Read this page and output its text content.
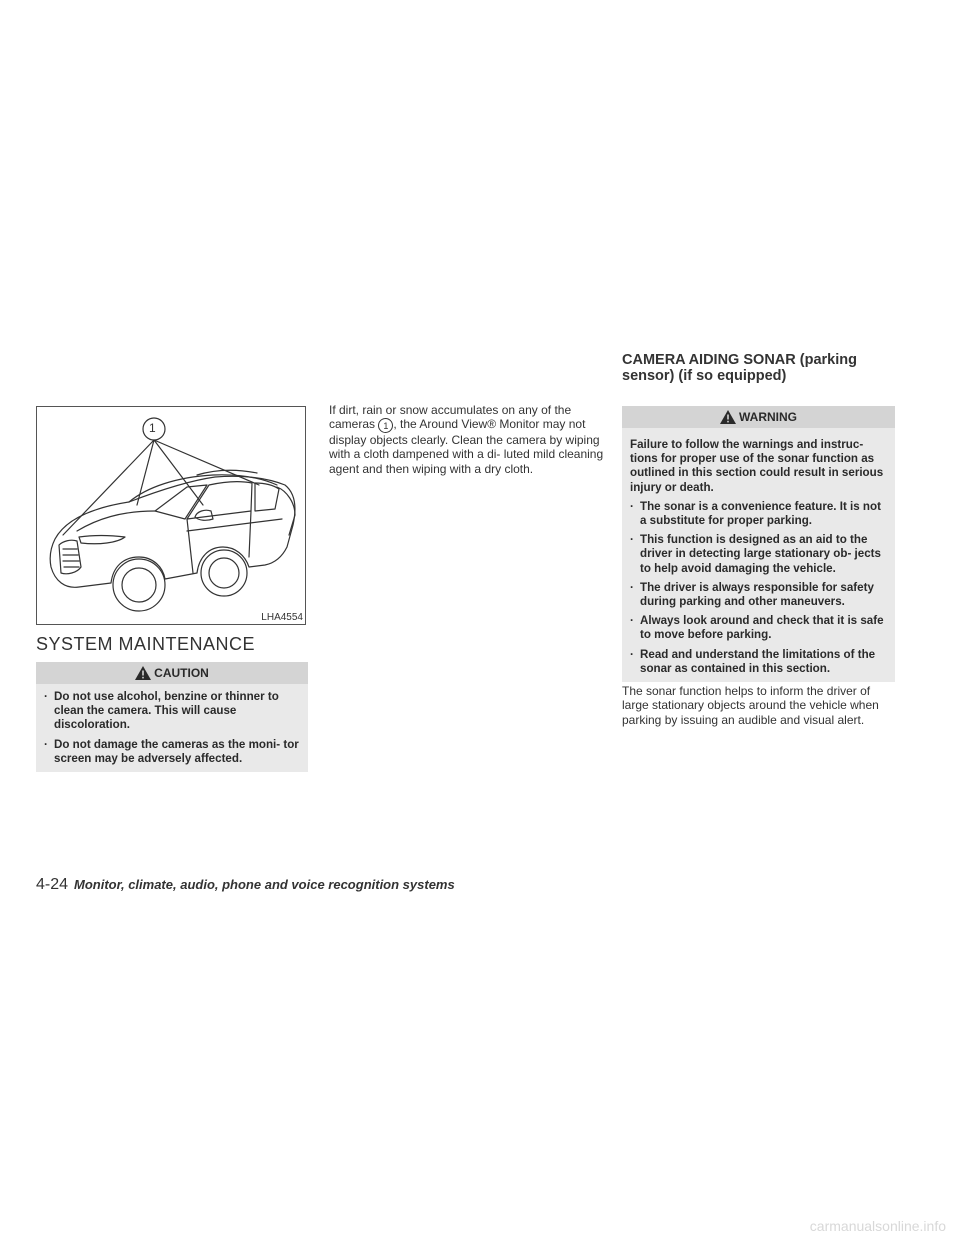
1
LHA4554
SYSTEM MAINTENANCE
CAUTION
· Do not use alcohol, benzine or thinner to clean the camera. This will cause discoloration.
· Do not damage the cameras as the moni- tor screen may be adversely affected.
If dirt, rain or snow accumulates on any of the cameras 1 , the Around View® Monitor may not display objects clearly. Clean the camera by wiping with a cloth dampened with a di- luted mild cleaning agent and then wiping with a dry cloth.
CAMERA AIDING SONAR (parking sensor) (if so equipped)
WARNING
Failure to follow the warnings and instruc- tions for proper use of the sonar function as outlined in this section could result in serious injury or death.
· The sonar is a convenience feature. It is not a substitute for proper parking.
· This function is designed as an aid to the driver in detecting large stationary ob- jects to help avoid damaging the vehicle.
· The driver is always responsible for safety during parking and other maneuvers.
· Always look around and check that it is safe to move before parking.
· Read and understand the limitations of the sonar as contained in this section.
The sonar function helps to inform the driver of large stationary objects around the vehicle when parking by issuing an audible and visual alert.
4-24 Monitor, climate, audio, phone and voice recognition systems
carmanualsonline.info
